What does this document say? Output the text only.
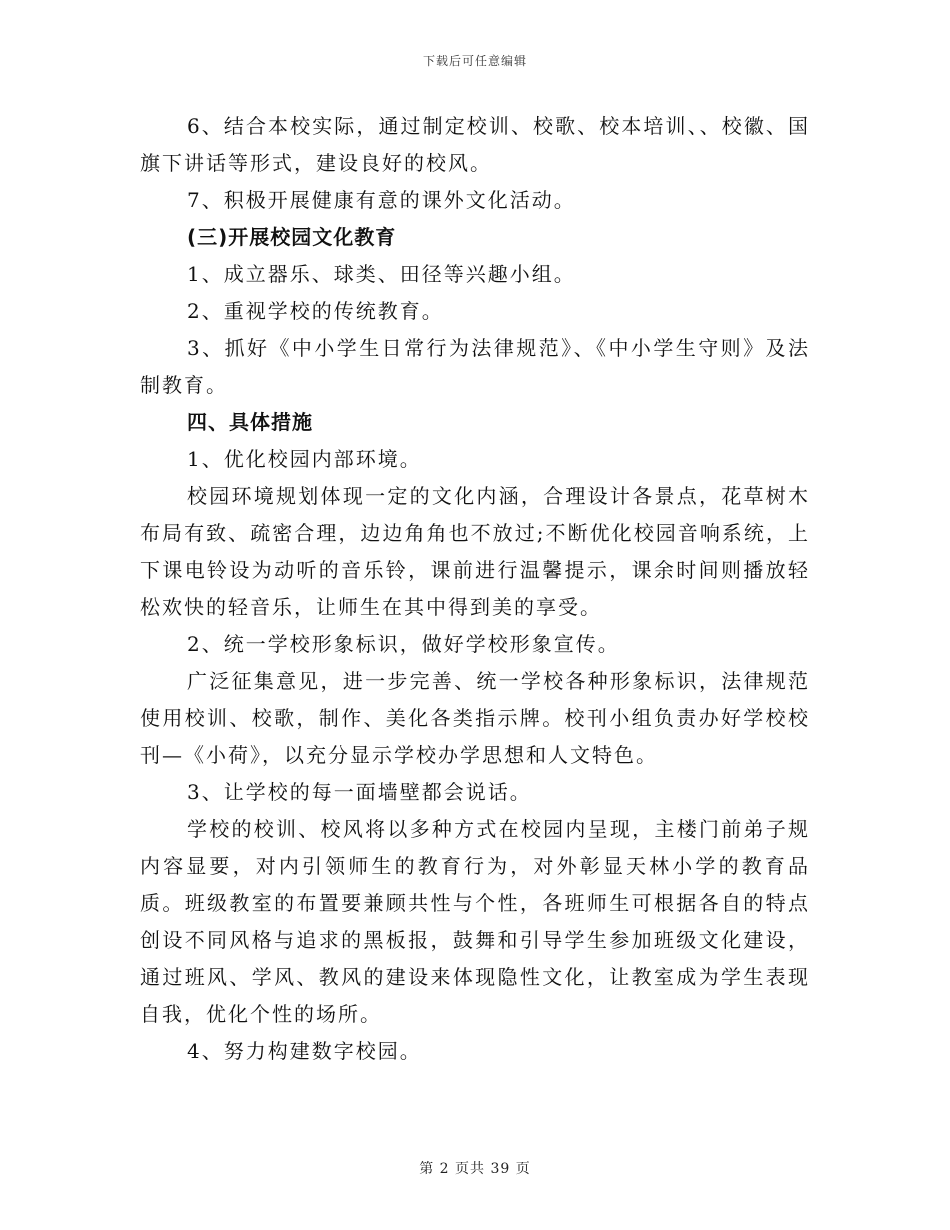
下载后可任意编辑

6、结合本校实际，通过制定校训、校歌、校本培训、、校徽、国旗下讲话等形式，建设良好的校风。

7、积极开展健康有意的课外文化活动。

(三)开展校园文化教育

1、成立器乐、球类、田径等兴趣小组。

2、重视学校的传统教育。

3、抓好《中小学生日常行为法律规范》、《中小学生守则》及法制教育。

四、具体措施

1、优化校园内部环境。

校园环境规划体现一定的文化内涵，合理设计各景点，花草树木布局有致、疏密合理，边边角角也不放过;不断优化校园音响系统，上下课电铃设为动听的音乐铃，课前进行温馨提示，课余时间则播放轻松欢快的轻音乐，让师生在其中得到美的享受。

2、统一学校形象标识，做好学校形象宣传。

广泛征集意见，进一步完善、统一学校各种形象标识，法律规范使用校训、校歌，制作、美化各类指示牌。校刊小组负责办好学校校刊—《小荷》，以充分显示学校办学思想和人文特色。

3、让学校的每一面墙壁都会说话。

学校的校训、校风将以多种方式在校园内呈现，主楼门前弟子规内容显要，对内引领师生的教育行为，对外彰显天林小学的教育品质。班级教室的布置要兼顾共性与个性，各班师生可根据各自的特点创设不同风格与追求的黑板报，鼓舞和引导学生参加班级文化建设，通过班风、学风、教风的建设来体现隐性文化，让教室成为学生表现自我，优化个性的场所。

4、努力构建数字校园。

第 2 页共 39 页
